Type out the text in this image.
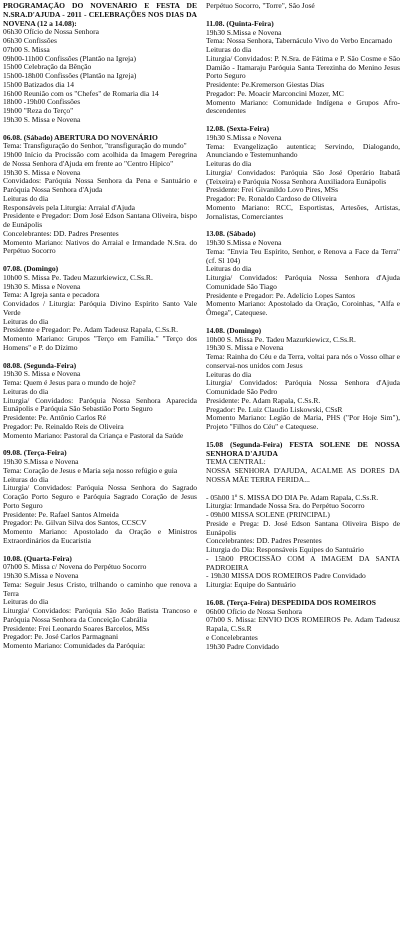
PROGRAMAÇÃO DO NOVENÁRIO E FESTA DE N.SRA.D'AJUDA - 2011 - CELEBRAÇÕES NOS DIAS DA NOVENA (12 a 14.08):
06h30 Ofício de Nossa Senhora
06h30 Confissões
07h00 S. Missa
09h00-11h00 Confissões (Plantão na Igreja)
15h00 Celebração da Bênção
15h00-18h00 Confissões (Plantão na Igreja)
15h00 Batizados dia 14
16h00 Reunião com os "Chefes" de Romaria dia 14
18h00 -19h00 Confissões
19h00 "Reza do Terço"
19h30 S. Missa e Novena
06.08. (Sábado) ABERTURA DO NOVENÁRIO
Tema: Transfiguração do Senhor, "transfiguração do mundo"
19h00 Início da Procissão com acolhida da Imagem Peregrina de Nossa Senhora d'Ajuda em frente ao "Centro Hípico"
19h30 S. Missa e Novena
Convidados: Paróquia Nossa Senhora da Pena e Santuário e Paróquia Nossa Senhora d'Ajuda
Leituras do dia
Responsáveis pela Liturgia: Arraial d'Ajuda
Presidente e Pregador: Dom José Edson Santana Oliveira, bispo de Eunápolis
Concelebrantes: DD. Padres Presentes
Momento Mariano: Nativos do Arraial e Irmandade N.Sra. do Perpétuo Socorro
07.08. (Domingo)
10h00 S. Missa Pe. Tadeu Mazurkiewicz, C.Ss.R.
19h30 S. Missa e Novena
Tema: A Igreja santa e pecadora
Convidados / Liturgia: Paróquia Divino Espírito Santo Vale Verde
Leituras do dia
Presidente e Pregador: Pe. Adam Tadeusz Rapala, C.Ss.R.
Momento Mariano: Grupos "Terço em Família." "Terço dos Homens" e P. do Dízimo
08.08. (Segunda-Feira)
19h30 S. Missa e Novena
Tema: Quem é Jesus para o mundo de hoje?
Leituras do dia
Liturgia/ Convidados: Paróquia Nossa Senhora Aparecida Eunápolis e Paróquia São Sebastião Porto Seguro
Presidente: Pe. Antônio Carlos Ré
Pregador: Pe. Reinaldo Reis de Oliveira
Momento Mariano: Pastoral da Criança e Pastoral da Saúde
09.08. (Terça-Feira)
19h30 S.Missa e Novena
Tema: Coração de Jesus e Maria seja nosso refúgio e guia
Leituras do dia
Liturgia/ Convidados: Paróquia Nossa Senhora do Sagrado Coração Porto Seguro e Paróquia Sagrado Coração de Jesus Porto Seguro
Presidente: Pe. Rafael Santos Almeida
Pregador: Pe. Gilvan Silva dos Santos, CCSCV
Momento Mariano: Apostolado da Oração e Ministros Extraordinários da Eucaristia
10.08. (Quarta-Feira)
07h00 S. Missa c/ Novena do Perpétuo Socorro
19h30 S.Missa e Novena
Tema: Seguir Jesus Cristo, trilhando o caminho que renova a Terra
Leituras do dia
Liturgia/ Convidados: Paróquia São João Batista Trancoso e Paróquia Nossa Senhora da Conceição Cabrália
Presidente: Frei Leonardo Soares Barcelos, MSs
Pregador: Pe. José Carlos Parmagnani
Momento Mariano: Comunidades da Paróquia:
Perpétuo Socorro, "Torre", São José
11.08. (Quinta-Feira)
19h30 S.Missa e Novena
Tema: Nossa Senhora, Tabernáculo Vivo do Verbo Encarnado
Leituras do dia
Liturgia/ Convidados: P. N.Sra. de Fátima e P. São Cosme e São Damião - Itamaraju Paróquia Santa Terezinha do Menino Jesus Porto Seguro
Presidente: Pe.Kremerson Giestas Dias
Pregador: Pe. Moacir Marconcini Mozer, MC
Momento Mariano: Comunidade Indígena e Grupos Afro-descendentes
12.08. (Sexta-Feira)
19h30 S.Missa e Novena
Tema: Evangelização autentica; Servindo, Dialogando, Anunciando e Testemunhando
Leituras do dia
Liturgia/ Convidados: Paróquia São José Operário Itabatã (Teixeira) e Paróquia Nossa Senhora Auxiliadora Eunápolis
Presidente: Frei Givanildo Lovo Pires, MSs
Pregador: Pe. Ronaldo Cardoso de Oliveira
Momento Mariano: RCC, Esportistas, Artesões, Artistas, Jornalistas, Comerciantes
13.08. (Sábado)
19h30 S.Missa e Novena
Tema: "Envia Teu Espírito, Senhor, e Renova a Face da Terra" (cf. Sl 104)
Leituras do dia
Liturgia/ Convidados: Paróquia Nossa Senhora d'Ajuda Comunidade São Tiago
Presidente e Pregador: Pe. Adelício Lopes Santos
Momento Mariano: Apostolado da Oração, Coroinhas, "Alfa e Ômega", Catequese.
14.08. (Domingo)
10h00 S. Missa Pe. Tadeu Mazurkiewicz, C.Ss.R.
19h30 S. Missa e Novena
Tema: Rainha do Céu e da Terra, voltai para nós o Vosso olhar e conservai-nos unidos com Jesus
Leituras do dia
Liturgia/ Convidados: Paróquia Nossa Senhora d'Ajuda Comunidade São Pedro
Presidente: Pe. Adam Rapala, C.Ss.R.
Pregador: Pe. Luiz Claudio Liskowski, CSsR
Momento Mariano: Legião de Maria, PHS ("Por Hoje Sim"), Projeto "Filhos do Céu" e Catequese.
15.08 (Segunda-Feira) FESTA SOLENE DE NOSSA SENHORA D'AJUDA
TEMA CENTRAL:
NOSSA SENHORA D'AJUDA, ACALME AS DORES DA NOSSA MÃE TERRA FERIDA...
- 05h00 1º S. MISSA DO DIA Pe. Adam Rapala, C.Ss.R.
Liturgia: Irmandade Nossa Sra. do Perpétuo Socorro
- 09h00 MISSA SOLENE (PRINCIPAL)
Preside e Prega: D. José Edson Santana Oliveira Bispo de Eunápolis
Concelebrantes: DD. Padres Presentes
Liturgia do Dia: Responsáveis Equipes do Santuário
- 15h00 PROCISSÃO COM A IMAGEM DA SANTA PADROEIRA
- 19h30 MISSA DOS ROMEIROS Padre Convidado
Liturgia: Equipe do Santuário
16.08. (Terça-Feira) DESPEDIDA DOS ROMEIROS
06h00 Ofício de Nossa Senhora
07h00 S. Missa: ENVIO DOS ROMEIROS Pe. Adam Tadeusz Rapala, C.Ss.R
e Concelebrantes
19h30 Padre Convidado
